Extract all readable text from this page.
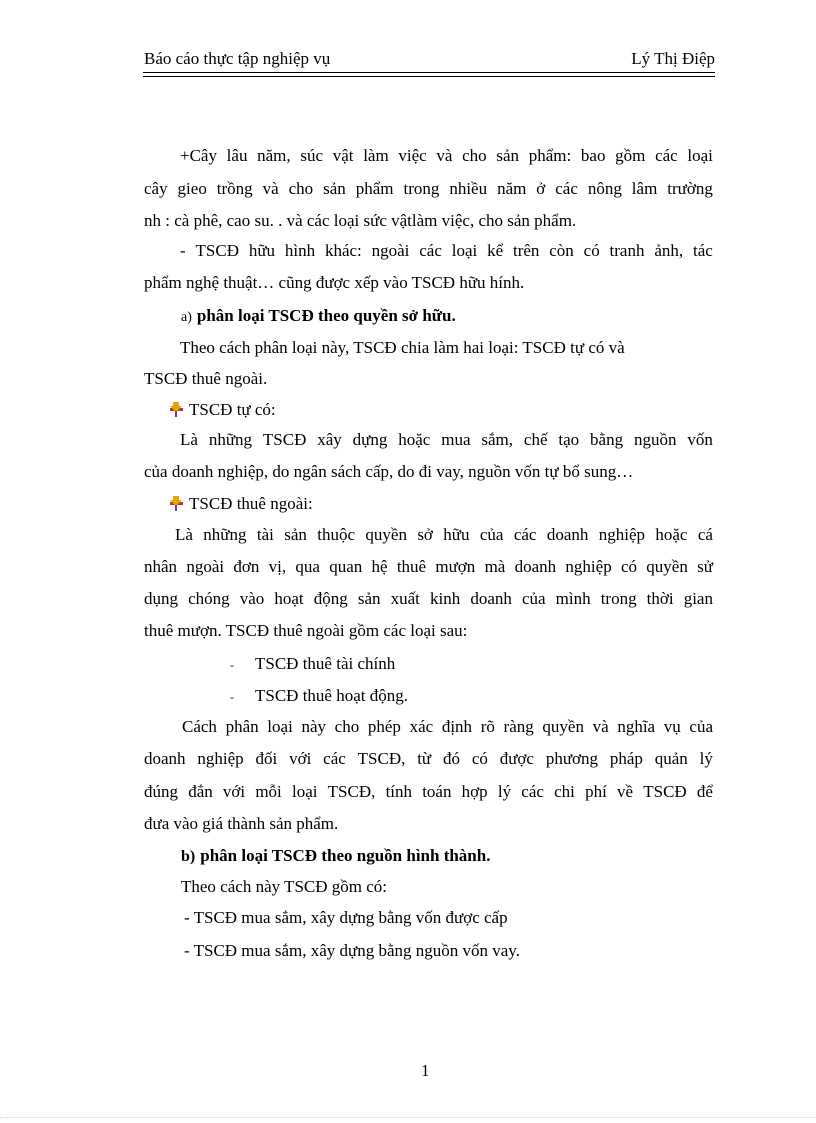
Báo cáo thực tập nghiệp vụ	Lý Thị Điệp
+Cây lâu năm, súc vật làm việc và cho sản phẩm: bao gồm các loại
cây gieo trồng và cho sản phẩm trong nhiều năm ở các nông lâm trường
nh : cà phê, cao su. . và các loại sức vậtlàm việc, cho sản phẩm.
- TSCĐ hữu hình khác: ngoài các loại kể trên còn có tranh ảnh, tác
phẩm nghệ thuật… cũng được xếp vào TSCĐ hữu hính.
a) phân loại TSCĐ theo quyền sở hữu.
Theo cách phân loại này, TSCĐ chia làm hai loại: TSCĐ tự có và
TSCĐ thuê ngoài.
TSCĐ tự có:
Là những TSCĐ xây dựng hoặc mua sắm, chế tạo bằng nguồn vốn
của doanh nghiệp, do ngân sách cấp, do đi vay, nguồn vốn tự bổ sung…
TSCĐ thuê ngoài:
Là những tài sản thuộc quyền sở hữu của các doanh nghiệp hoặc cá
nhân ngoài đơn vị, qua quan hệ thuê mượn mà doanh nghiệp có quyền sử
dụng chóng vào hoạt động sản xuất kinh doanh của mình trong thời gian
thuê mượn. TSCĐ thuê ngoài gồm các loại sau:
- TSCĐ thuê tài chính
- TSCĐ thuê hoạt động.
Cách phân loại này cho phép xác định rõ ràng quyền và nghĩa vụ của
doanh nghiệp đối với các TSCĐ, từ đó có được phương pháp quản lý
đúng đắn với mỗi loại TSCĐ, tính toán hợp lý các chi phí về TSCĐ để
đưa vào giá thành sản phẩm.
b) phân loại TSCĐ theo nguồn hình thành.
Theo cách này TSCĐ gồm có:
- TSCĐ mua sắm, xây dựng bằng vốn được cấp
- TSCĐ mua sắm, xây dựng bằng nguồn vốn vay.
1
